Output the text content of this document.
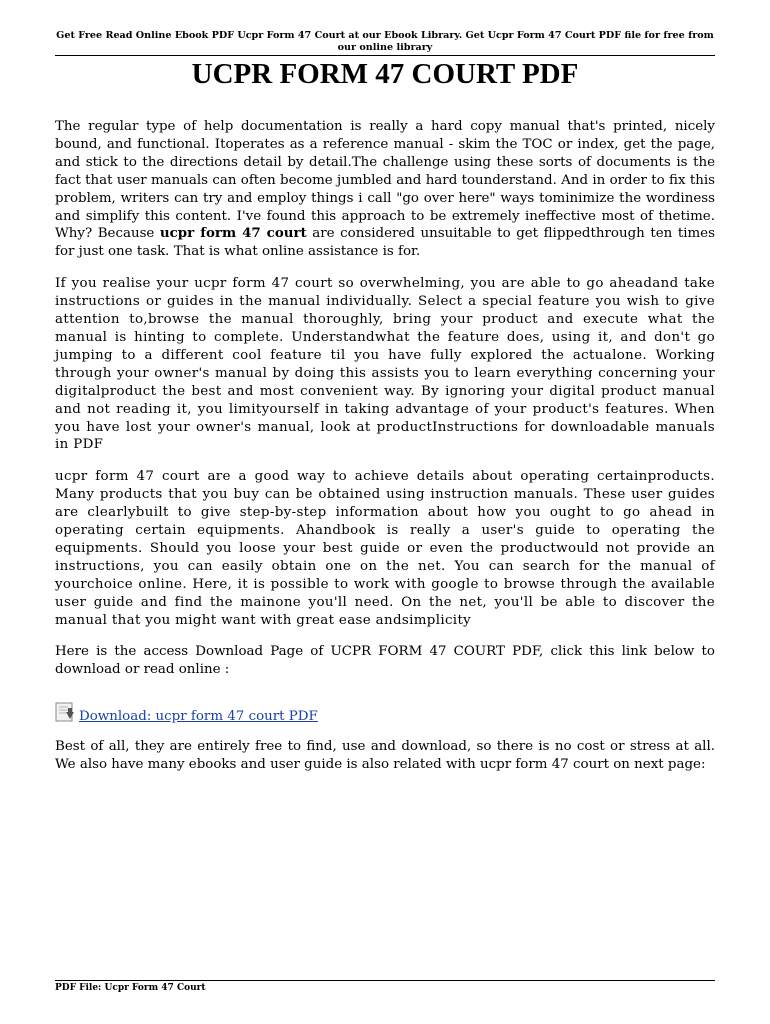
Get Free Read Online Ebook PDF Ucpr Form 47 Court at our Ebook Library. Get Ucpr Form 47 Court PDF file for free from our online library
UCPR FORM 47 COURT PDF

The regular type of help documentation is really a hard copy manual that's printed, nicely bound, and functional. Itoperates as a reference manual - skim the TOC or index, get the page, and stick to the directions detail by detail.The challenge using these sorts of documents is the fact that user manuals can often become jumbled and hard tounderstand. And in order to fix this problem, writers can try and employ things i call "go over here" ways tominimize the wordiness and simplify this content. I've found this approach to be extremely ineffective most of thetime. Why? Because ucpr form 47 court are considered unsuitable to get flippedthrough ten times for just one task. That is what online assistance is for.

If you realise your ucpr form 47 court so overwhelming, you are able to go aheadand take instructions or guides in the manual individually. Select a special feature you wish to give attention to,browse the manual thoroughly, bring your product and execute what the manual is hinting to complete. Understandwhat the feature does, using it, and don't go jumping to a different cool feature til you have fully explored the actualone. Working through your owner's manual by doing this assists you to learn everything concerning your digitalproduct the best and most convenient way. By ignoring your digital product manual and not reading it, you limityourself in taking advantage of your product's features. When you have lost your owner's manual, look at productInstructions for downloadable manuals in PDF

ucpr form 47 court are a good way to achieve details about operating certainproducts. Many products that you buy can be obtained using instruction manuals. These user guides are clearlybuilt to give step-by-step information about how you ought to go ahead in operating certain equipments. Ahandbook is really a user's guide to operating the equipments. Should you loose your best guide or even the productwould not provide an instructions, you can easily obtain one on the net. You can search for the manual of yourchoice online. Here, it is possible to work with google to browse through the available user guide and find the mainone you'll need. On the net, you'll be able to discover the manual that you might want with great ease andsimplicity

Here is the access Download Page of UCPR FORM 47 COURT PDF, click this link below to download or read online :

Download: ucpr form 47 court PDF

Best of all, they are entirely free to find, use and download, so there is no cost or stress at all. We also have many ebooks and user guide is also related with ucpr form 47 court on next page:

PDF File: Ucpr Form 47 Court
